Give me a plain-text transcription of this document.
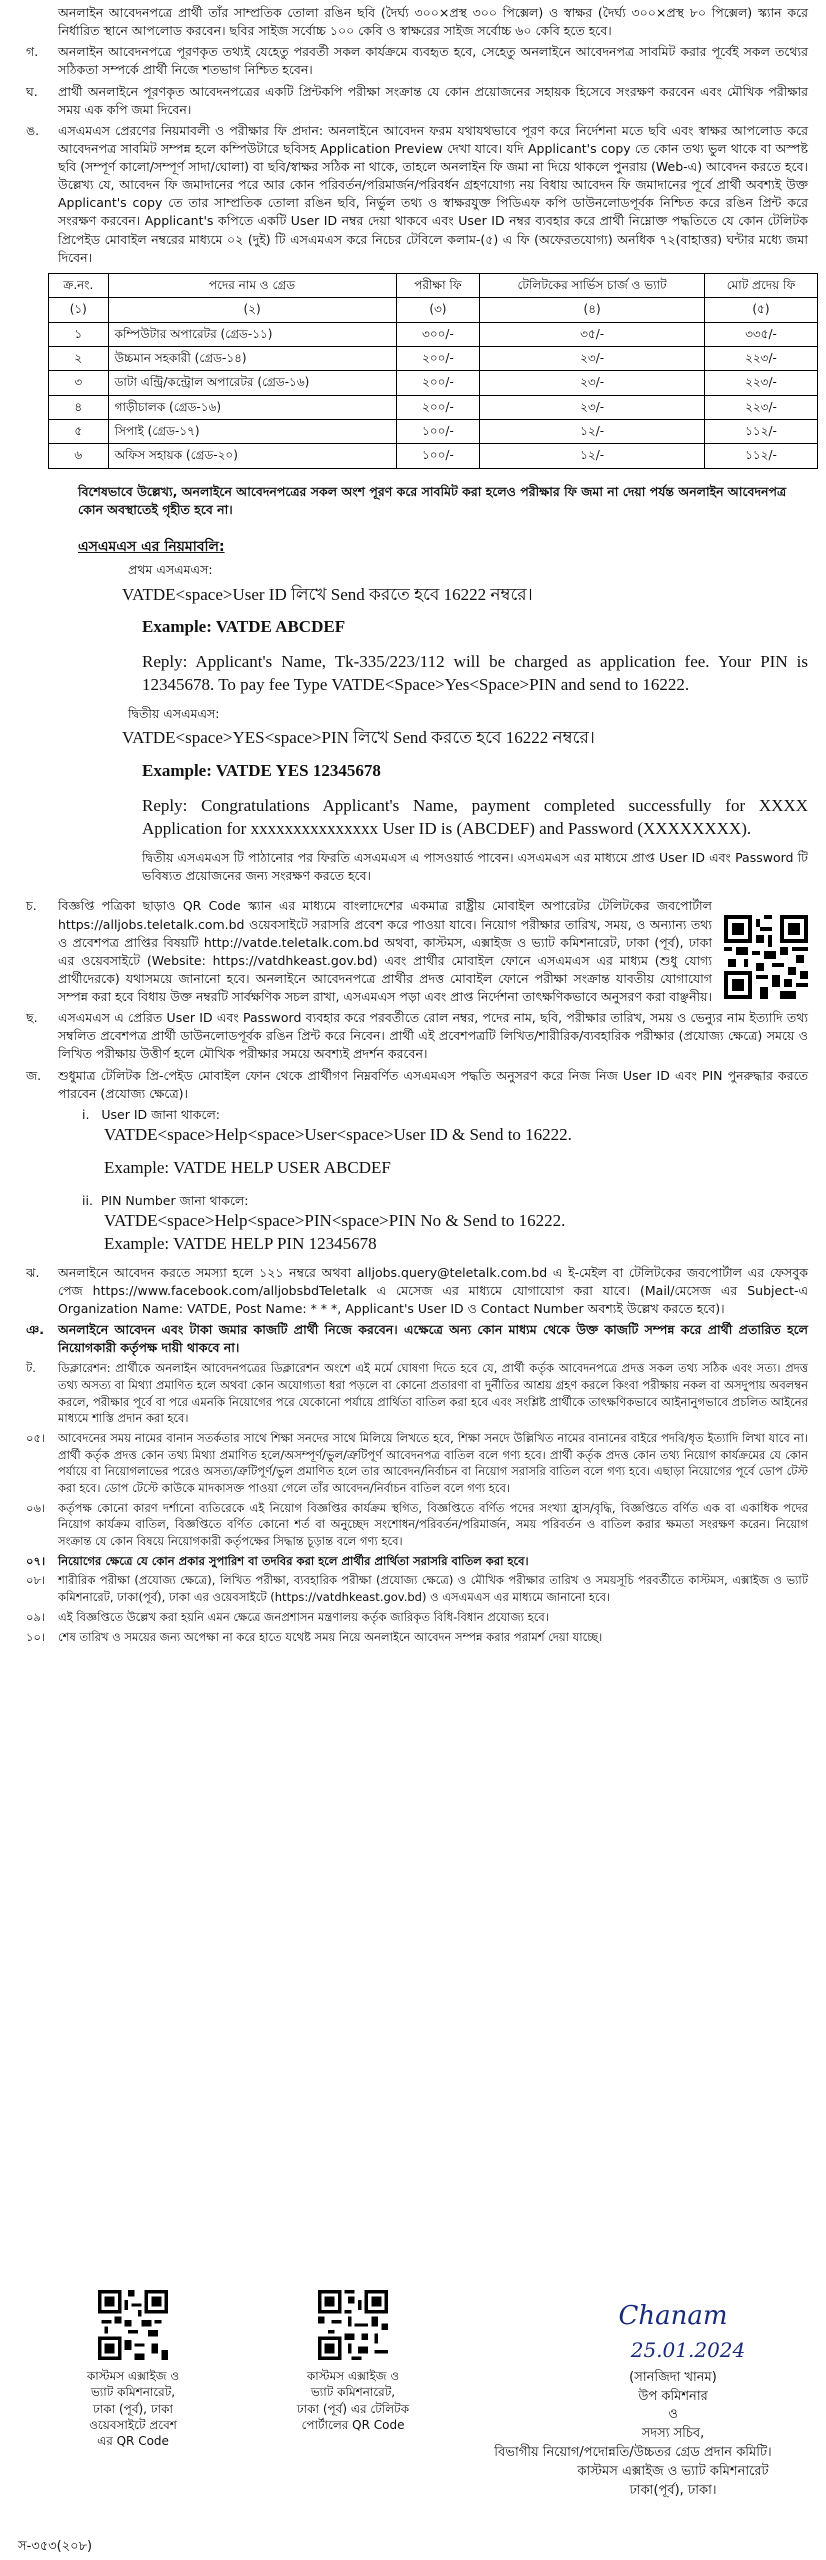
অনলাইন আবেদনপত্রে প্রার্থী তাঁর সাম্প্রতিক তোলা রঙিন ছবি (দৈর্ঘ্য ৩০০×প্রস্থ ৩০০ পিক্সেল) ও স্বাক্ষর (দৈর্ঘ্য ৩০০×প্রস্থ ৮০ পিক্সেল) স্ক্যান করে নির্ধারিত স্থানে আপলোড করবেন। ছবির সাইজ সর্বোচ্চ ১০০ কেবি ও স্বাক্ষরের সাইজ সর্বোচ্চ ৬০ কেবি হতে হবে।
গ.	অনলাইন আবেদনপত্রে পূরণকৃত তথ্যই যেহেতু পরবর্তী সকল কার্যক্রমে ব্যবহৃত হবে, সেহেতু অনলাইনে আবেদনপত্র সাবমিট করার পূর্বেই সকল তথ্যের সঠিকতা সম্পর্কে প্রার্থী নিজে শতভাগ নিশ্চিত হবেন।
ঘ.	প্রার্থী অনলাইনে পূরণকৃত আবেদনপত্রের একটি প্রিন্টকপি পরীক্ষা সংক্রান্ত যে কোন প্রয়োজনের সহায়ক হিসেবে সংরক্ষণ করবেন এবং মৌখিক পরীক্ষার সময় এক কপি জমা দিবেন।
ঙ.	এসএমএস প্রেরণের নিয়মাবলী ও পরীক্ষার ফি প্রদান: অনলাইনে আবেদন ফরম যথাযথভাবে পূরণ করে নির্দেশনা মতে ছবি এবং স্বাক্ষর আপলোড করে আবেদনপত্র সাবমিট সম্পন্ন হলে কম্পিউটারে ছবিসহ Application Preview দেখা যাবে। যদি Applicant's copy তে কোন তথ্য ভুল থাকে বা অস্পষ্ট ছবি (সম্পূর্ণ কালো/সম্পূর্ণ সাদা/ঘোলা) বা ছবি/স্বাক্ষর সঠিক না থাকে, তাহলে অনলাইন ফি জমা না দিয়ে থাকলে পুনরায় (Web-এ) আবেদন করতে হবে। উল্লেখ্য যে, আবেদন ফি জমাদানের পরে আর কোন পরিবর্তন/পরিমার্জন/পরিবর্ধন গ্রহণযোগ্য নয় বিধায় আবেদন ফি জমাদানের পূর্বে প্রার্থী অবশ্যই উক্ত Applicant's copy তে তার সাম্প্রতিক তোলা রঙিন ছবি, নির্ভুল তথ্য ও স্বাক্ষরযুক্ত পিডিএফ কপি ডাউনলোডপূর্বক নিশ্চিত করে রঙিন প্রিন্ট করে সংরক্ষণ করবেন। Applicant's কপিতে একটি User ID নম্বর দেয়া থাকবে এবং User ID নম্বর ব্যবহার করে প্রার্থী নিম্নোক্ত পদ্ধতিতে যে কোন টেলিটক প্রিপেইড মোবাইল নম্বরের মাধ্যমে ০২ (দুই) টি এসএমএস করে নিচের টেবিলে কলাম-(৫) এ ফি (অফেরতযোগ্য) অনধিক ৭২(বাহাত্তর) ঘন্টার মধ্যে জমা দিবেন।
ক্র.নং.	পদের নাম ও গ্রেড	পরীক্ষা ফি	টেলিটকের সার্ভিস চার্জ ও ভ্যাট	মোট প্রদেয় ফি
(১)	(২)	(৩)	(৪)	(৫)
১	কম্পিউটার অপারেটর (গ্রেড-১১)	৩০০/-	৩৫/-	৩৩৫/-
২	উচ্চমান সহকারী (গ্রেড-১৪)	২০০/-	২৩/-	২২৩/-
৩	ডাটা এন্ট্রি/কন্ট্রোল অপারেটর (গ্রেড-১৬)	২০০/-	২৩/-	২২৩/-
৪	গাড়ীচালক (গ্রেড-১৬)	২০০/-	২৩/-	২২৩/-
৫	সিপাই (গ্রেড-১৭)	১০০/-	১২/-	১১২/-
৬	অফিস সহায়ক (গ্রেড-২০)	১০০/-	১২/-	১১২/-
বিশেষভাবে উল্লেখ্য, অনলাইনে আবেদনপত্রের সকল অংশ পূরণ করে সাবমিট করা হলেও পরীক্ষার ফি জমা না দেয়া পর্যন্ত অনলাইন আবেদনপত্র কোন অবস্থাতেই গৃহীত হবে না।
এসএমএস এর নিয়মাবলি:
প্রথম এসএমএস:
VATDE<space>User ID লিখে Send করতে হবে 16222 নম্বরে।
Example: VATDE ABCDEF
Reply: Applicant's Name, Tk-335/223/112 will be charged as application fee. Your PIN is 12345678. To pay fee Type VATDE<Space>Yes<Space>PIN and send to 16222.
দ্বিতীয় এসএমএস:
VATDE<space>YES<space>PIN লিখে Send করতে হবে 16222 নম্বরে।
Example: VATDE YES 12345678
Reply: Congratulations Applicant's Name, payment completed successfully for XXXX Application for xxxxxxxxxxxxxxx User ID is (ABCDEF) and Password (XXXXXXXX).
দ্বিতীয় এসএমএস টি পাঠানোর পর ফিরতি এসএমএস এ পাসওয়ার্ড পাবেন। এসএমএস এর মাধ্যমে প্রাপ্ত User ID এবং Password টি ভবিষ্যত প্রয়োজনের জন্য সংরক্ষণ করতে হবে।
চ.	বিজ্ঞপ্তি পত্রিকা ছাড়াও QR Code স্ক্যান এর মাধ্যমে বাংলাদেশের একমাত্র রাষ্ট্রীয় মোবাইল অপারেটর টেলিটকের জবপোর্টাল https://alljobs.teletalk.com.bd ওয়েবসাইটে সরাসরি প্রবেশ করে পাওয়া যাবে। নিয়োগ পরীক্ষার তারিখ, সময়, ও অন্যান্য তথ্য ও প্রবেশপত্র প্রাপ্তির বিষয়টি http://vatde.teletalk.com.bd অথবা, কাস্টমস, এক্সাইজ ও ভ্যাট কমিশনারেট, ঢাকা (পূর্ব), ঢাকা এর ওয়েবসাইটে (Website: https://vatdhkeast.gov.bd) এবং প্রার্থীর মোবাইল ফোনে এসএমএস এর মাধ্যম (শুধু যোগ্য প্রার্থীদেরকে) যথাসময়ে জানানো হবে। অনলাইনে আবেদনপত্রে প্রার্থীর প্রদত্ত মোবাইল ফোনে পরীক্ষা সংক্রান্ত যাবতীয় যোগাযোগ সম্পন্ন করা হবে বিধায় উক্ত নম্বরটি সার্বক্ষণিক সচল রাখা, এসএমএস পড়া এবং প্রাপ্ত নির্দেশনা তাৎক্ষণিকভাবে অনুসরণ করা বাঞ্ছনীয়।
ছ.	এসএমএস এ প্রেরিত User ID এবং Password ব্যবহার করে পরবর্তীতে রোল নম্বর, পদের নাম, ছবি, পরীক্ষার তারিখ, সময় ও ভেন্যুর নাম ইত্যাদি তথ্য সম্বলিত প্রবেশপত্র প্রার্থী ডাউনলোডপূর্বক রঙিন প্রিন্ট করে নিবেন। প্রার্থী এই প্রবেশপত্রটি লিখিত/শারীরিক/ব্যবহারিক পরীক্ষার (প্রযোজ্য ক্ষেত্রে) সময়ে ও লিখিত পরীক্ষায় উত্তীর্ণ হলে মৌখিক পরীক্ষার সময়ে অবশ্যই প্রদর্শন করবেন।
জ.	শুধুমাত্র টেলিটক প্রি-পেইড মোবাইল ফোন থেকে প্রার্থীগণ নিম্নবর্ণিত এসএমএস পদ্ধতি অনুসরণ করে নিজ নিজ User ID এবং PIN পুনরুদ্ধার করতে পারবেন (প্রযোজ্য ক্ষেত্রে)।
i.   User ID জানা থাকলে:
VATDE<space>Help<space>User<space>User ID & Send to 16222.
Example: VATDE HELP USER ABCDEF
ii.  PIN Number জানা থাকলে:
VATDE<space>Help<space>PIN<space>PIN No & Send to 16222.
Example: VATDE HELP PIN 12345678
ঝ.	অনলাইনে আবেদন করতে সমস্যা হলে ১২১ নম্বরে অথবা alljobs.query@teletalk.com.bd এ ই-মেইল বা টেলিটকের জবপোর্টাল এর ফেসবুক পেজ https://www.facebook.com/alljobsbdTeletalk এ মেসেজ এর মাধ্যমে যোগাযোগ করা যাবে। (Mail/মেসেজ এর Subject-এ Organization Name: VATDE, Post Name: * * *, Applicant's User ID ও Contact Number অবশ্যই উল্লেখ করতে হবে)।
ঞ.	অনলাইনে আবেদন এবং টাকা জমার কাজটি প্রার্থী নিজে করবেন। এক্ষেত্রে অন্য কোন মাধ্যম থেকে উক্ত কাজটি সম্পন্ন করে প্রার্থী প্রতারিত হলে নিয়োগকারী কর্তৃপক্ষ দায়ী থাকবে না।
ট.	ডিক্লারেশন: প্রার্থীকে অনলাইন আবেদনপত্রের ডিক্লারেশন অংশে এই মর্মে ঘোষণা দিতে হবে যে, প্রার্থী কর্তৃক আবেদনপত্রে প্রদত্ত সকল তথ্য সঠিক এবং সত্য। প্রদত্ত তথ্য অসত্য বা মিথ্যা প্রমাণিত হলে অথবা কোন অযোগ্যতা ধরা পড়লে বা কোনো প্রতারণা বা দুর্নীতির আশ্রয় গ্রহণ করলে কিংবা পরীক্ষায় নকল বা অসদুপায় অবলম্বন করলে, পরীক্ষার পূর্বে বা পরে এমনকি নিয়োগের পরে যেকোনো পর্যায়ে প্রার্থিতা বাতিল করা হবে এবং সংশ্লিষ্ট প্রার্থীকে তাৎক্ষণিকভাবে আইনানুগভাবে প্রচলিত আইনের মাধ্যমে শাস্তি প্রদান করা হবে।
০৫।	আবেদনের সময় নামের বানান সতর্কতার সাথে শিক্ষা সনদের সাথে মিলিয়ে লিখতে হবে, শিক্ষা সনদে উল্লিখিত নামের বানানের বাইরে পদবি/ধৃত ইত্যাদি লিখা যাবে না। প্রার্থী কর্তৃক প্রদত্ত কোন তথ্য মিথ্যা প্রমাণিত হলে/অসম্পূর্ণ/ভুল/ত্রুটিপূর্ণ আবেদনপত্র বাতিল বলে গণ্য হবে। প্রার্থী কর্তৃক প্রদত্ত কোন তথ্য নিয়োগ কার্যক্রমের যে কোন পর্যায়ে বা নিয়োগলাভের পরেও অসত্য/ত্রুটিপূর্ণ/ভুল প্রমাণিত হলে তার আবেদন/নির্বাচন বা নিয়োগ সরাসরি বাতিল বলে গণ্য হবে। এছাড়া নিয়োগের পূর্বে ডোপ টেস্ট করা হবে। ডোপ টেস্টে কাউকে মাদকাসক্ত পাওয়া গেলে তাঁর আবেদন/নির্বাচন বাতিল বলে গণ্য হবে।
০৬।	কর্তৃপক্ষ কোনো কারণ দর্শানো ব্যতিরেকে এই নিয়োগ বিজ্ঞপ্তির কার্যক্রম স্থগিত, বিজ্ঞপ্তিতে বর্ণিত পদের সংখ্যা হ্রাস/বৃদ্ধি, বিজ্ঞপ্তিতে বর্ণিত এক বা একাধিক পদের নিয়োগ কার্যক্রম বাতিল, বিজ্ঞপ্তিতে বর্ণিত কোনো শর্ত বা অনুচ্ছেদ সংশোধন/পরিবর্তন/পরিমার্জন, সময় পরিবর্তন ও বাতিল করার ক্ষমতা সংরক্ষণ করেন। নিয়োগ সংক্রান্ত যে কোন বিষয়ে নিয়োগকারী কর্তৃপক্ষের সিদ্ধান্ত চূড়ান্ত বলে গণ্য হবে।
০৭।	নিয়োগের ক্ষেত্রে যে কোন প্রকার সুপারিশ বা তদবির করা হলে প্রার্থীর প্রার্থিতা সরাসরি বাতিল করা হবে।
০৮।	শারীরিক পরীক্ষা (প্রযোজ্য ক্ষেত্রে), লিখিত পরীক্ষা, ব্যবহারিক পরীক্ষা (প্রযোজ্য ক্ষেত্রে) ও মৌখিক পরীক্ষার তারিখ ও সময়সূচি পরবর্তীতে কাস্টমস, এক্সাইজ ও ভ্যাট কমিশনারেট, ঢাকা(পূর্ব), ঢাকা এর ওয়েবসাইটে (https://vatdhkeast.gov.bd) ও এসএমএস এর মাধ্যমে জানানো হবে।
০৯।	এই বিজ্ঞপ্তিতে উল্লেখ করা হয়নি এমন ক্ষেত্রে জনপ্রশাসন মন্ত্রণালয় কর্তৃক জারিকৃত বিধি-বিধান প্রযোজ্য হবে।
১০।	শেষ তারিখ ও সময়ের জন্য অপেক্ষা না করে হাতে যথেষ্ট সময় নিয়ে অনলাইনে আবেদন সম্পন্ন করার পরামর্শ দেয়া যাচ্ছে।
কাস্টমস এক্সাইজ ও
ভ্যাট কমিশনারেট,
ঢাকা (পূর্ব), ঢাকা
ওয়েবসাইটে প্রবেশ
এর QR Code
কাস্টমস এক্সাইজ ও
ভ্যাট কমিশনারেট,
ঢাকা (পূর্ব) এর টেলিটক
পোর্টালের QR Code
Chanam
25.01.2024
(সানজিদা খানম)
উপ কমিশনার
ও
সদস্য সচিব,
বিভাগীয় নিয়োগ/পদোন্নতি/উচ্চতর গ্রেড প্রদান কমিটি।
কাস্টমস এক্সাইজ ও ভ্যাট কমিশনারেট
ঢাকা(পূর্ব), ঢাকা।
স-৩৫৩(২০৮)
